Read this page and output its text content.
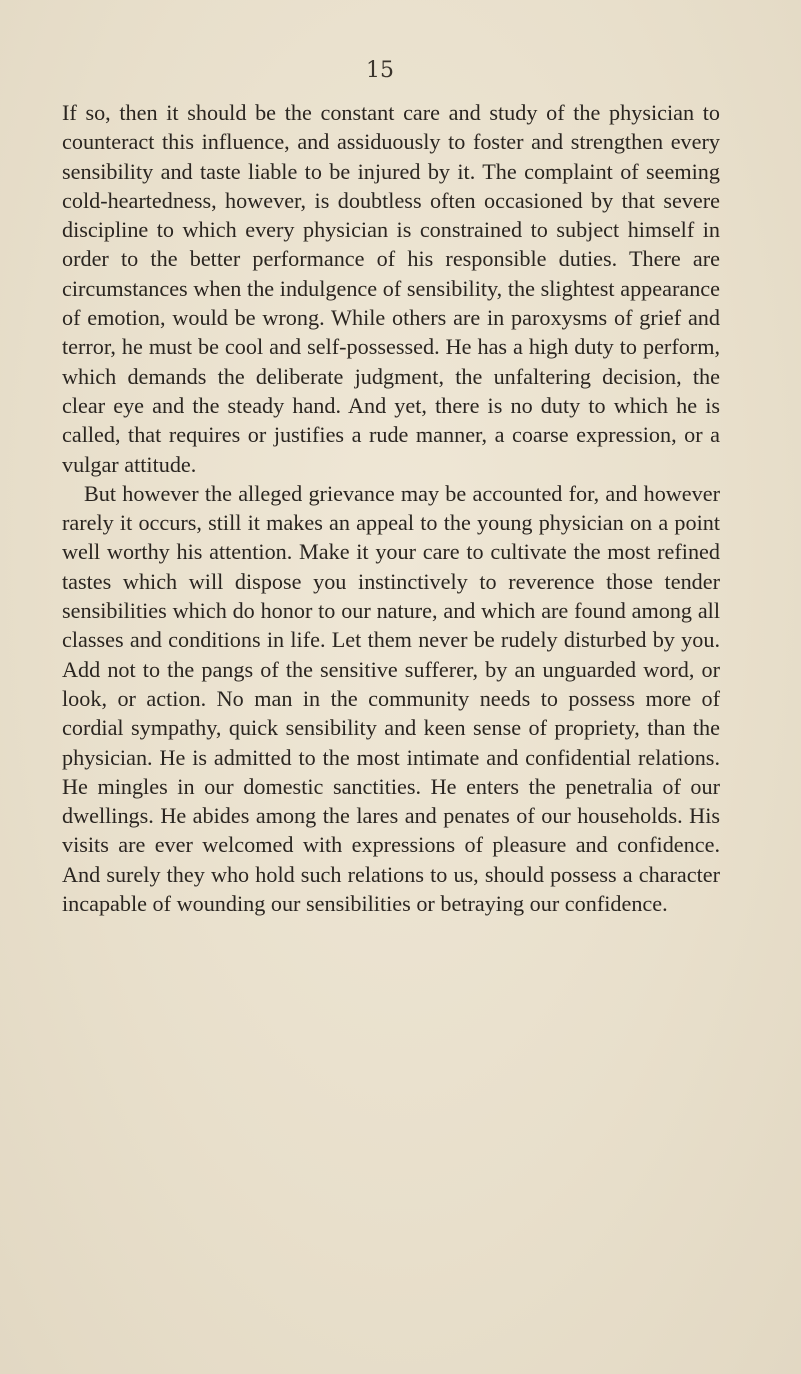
15

If so, then it should be the constant care and study of the physician to counteract this influence, and assiduously to foster and strengthen every sensibility and taste liable to be injured by it. The complaint of seeming cold-heartedness, however, is doubtless often occasioned by that severe discipline to which every physician is constrained to subject himself in order to the better performance of his responsible duties. There are circumstances when the indulgence of sensibility, the slightest appearance of emotion, would be wrong. While others are in paroxysms of grief and terror, he must be cool and self-possessed. He has a high duty to perform, which demands the deliberate judgment, the unfaltering decision, the clear eye and the steady hand. And yet, there is no duty to which he is called, that requires or justifies a rude manner, a coarse expression, or a vulgar attitude.

But however the alleged grievance may be accounted for, and however rarely it occurs, still it makes an appeal to the young physician on a point well worthy his attention. Make it your care to cultivate the most refined tastes which will dispose you instinctively to reverence those tender sensibilities which do honor to our nature, and which are found among all classes and conditions in life. Let them never be rudely disturbed by you. Add not to the pangs of the sensitive sufferer, by an unguarded word, or look, or action. No man in the community needs to possess more of cordial sympathy, quick sensibility and keen sense of propriety, than the physician. He is admitted to the most intimate and confidential relations. He mingles in our domestic sanctities. He enters the penetralia of our dwellings. He abides among the lares and penates of our households. His visits are ever welcomed with expressions of pleasure and confidence. And surely they who hold such relations to us, should possess a character incapable of wounding our sensibilities or betraying our confidence.
